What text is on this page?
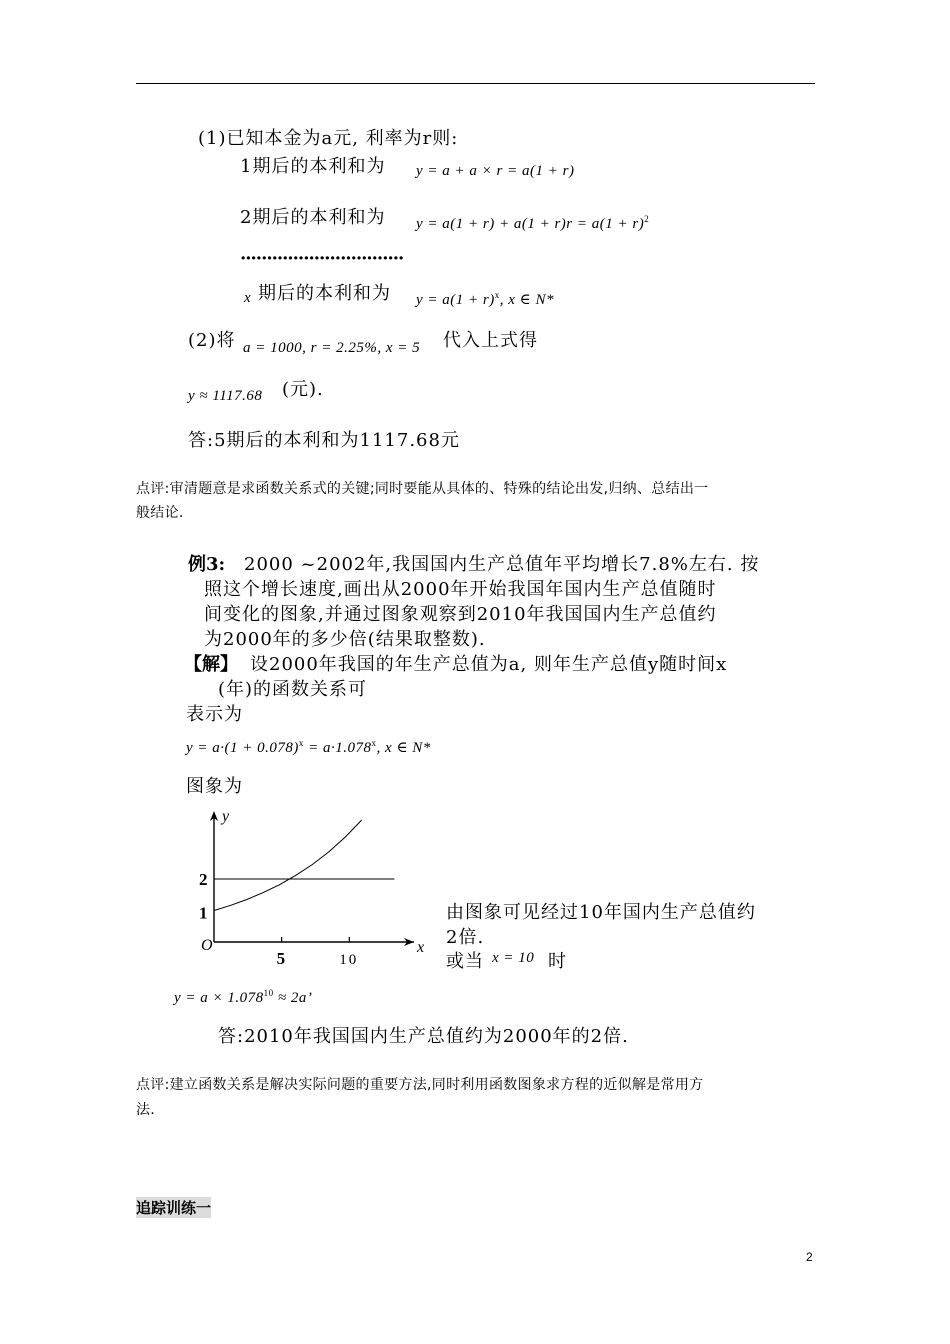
(1)已知本金为a元, 利率为r则:
1期后的本利和为 y = a + a × r = a(1 + r)
2期后的本利和为 $y = a(1 + r) + a(1 + r)r = a(1 + r)^2$
·······························
x 期后的本利和为 $y = a(1 + r)^x$, x ∈ N*
(2)将 a = 1000, r = 2.25%, x = 5 代入上式得
y ≈ 1117.68 (元).
答:5期后的本利和为1117.68元
点评:审清题意是求函数关系式的关键;同时要能从具体的、特殊的结论出发,归纳、总结出一
般结论.
例3: 2000 ~2002年,我国国内生产总值年平均增长7.8%左右. 按
照这个增长速度,画出从2000年开始我国年国内生产总值随时
间变化的图象,并通过图象观察到2010年我国国内生产总值约
为2000年的多少倍(结果取整数).
【解】 设2000年我国的年生产总值为a, 则年生产总值y随时间x
(年)的函数关系可
表示为
$y = a\cdot(1 + 0.078)^x = a\cdot 1.078^x$, x ∈ N*
图象为
y
x
O
2
1
5	10
由图象可见经过10年国内生产总值约
2倍.
或当 x = 10 时
$y = a \times 1.078^{10} \approx 2a$’
答:2010年我国国内生产总值约为2000年的2倍.
点评:建立函数关系是解决实际问题的重要方法,同时利用函数图象求方程的近似解是常用方
法.
追踪训练一
2
